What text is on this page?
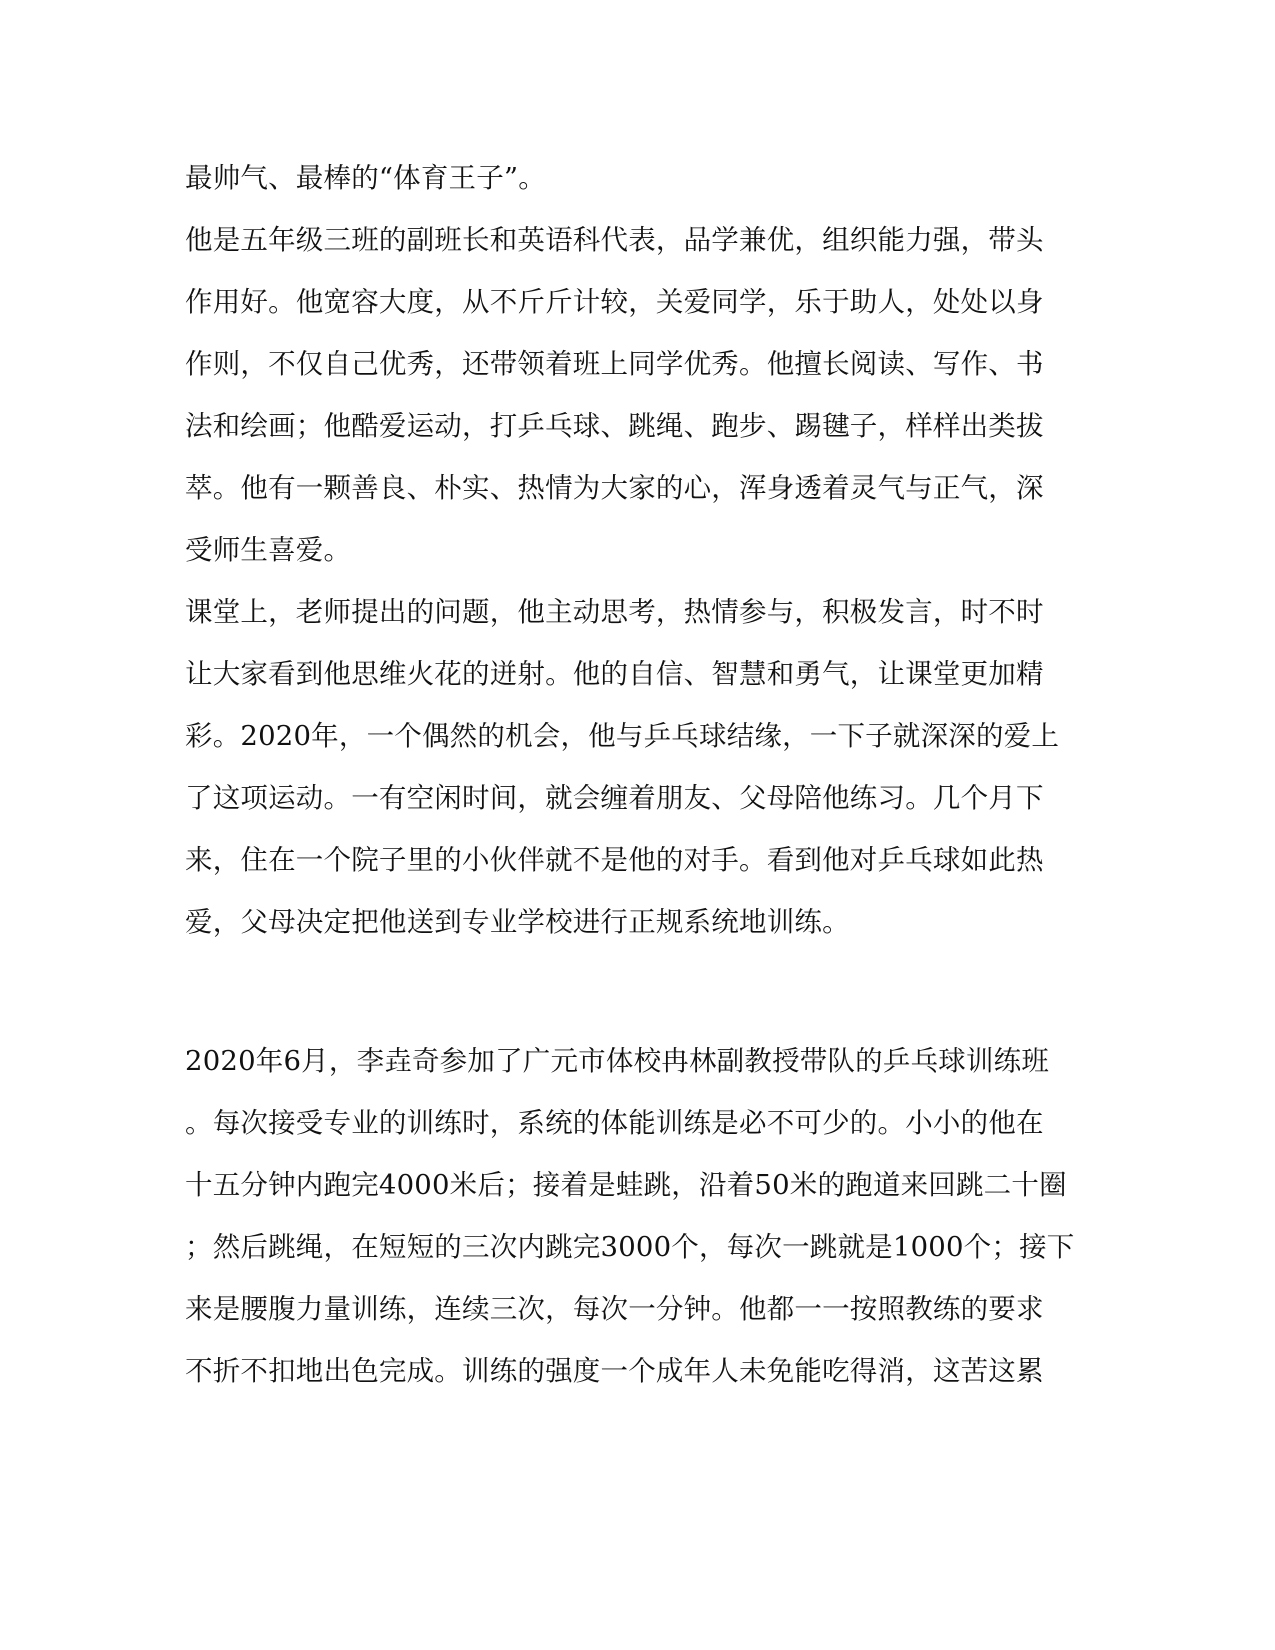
最帅气、最棒的“体育王子”。
他是五年级三班的副班长和英语科代表，品学兼优，组织能力强，带头
作用好。他宽容大度，从不斤斤计较，关爱同学，乐于助人，处处以身
作则，不仅自己优秀，还带领着班上同学优秀。他擅长阅读、写作、书
法和绘画；他酷爱运动，打乒乓球、跳绳、跑步、踢毽子，样样出类拔
萃。他有一颗善良、朴实、热情为大家的心，浑身透着灵气与正气，深
受师生喜爱。
课堂上，老师提出的问题，他主动思考，热情参与，积极发言，时不时
让大家看到他思维火花的迸射。他的自信、智慧和勇气，让课堂更加精
彩。2020年，一个偶然的机会，他与乒乓球结缘，一下子就深深的爱上
了这项运动。一有空闲时间，就会缠着朋友、父母陪他练习。几个月下
来，住在一个院子里的小伙伴就不是他的对手。看到他对乒乓球如此热
爱，父母决定把他送到专业学校进行正规系统地训练。
2020年6月，李垚奇参加了广元市体校冉林副教授带队的乒乓球训练班
。每次接受专业的训练时，系统的体能训练是必不可少的。小小的他在
十五分钟内跑完4000米后；接着是蛙跳，沿着50米的跑道来回跳二十圈
；然后跳绳，在短短的三次内跳完3000个，每次一跳就是1000个；接下
来是腰腹力量训练，连续三次，每次一分钟。他都一一按照教练的要求
不折不扣地出色完成。训练的强度一个成年人未免能吃得消，这苦这累
